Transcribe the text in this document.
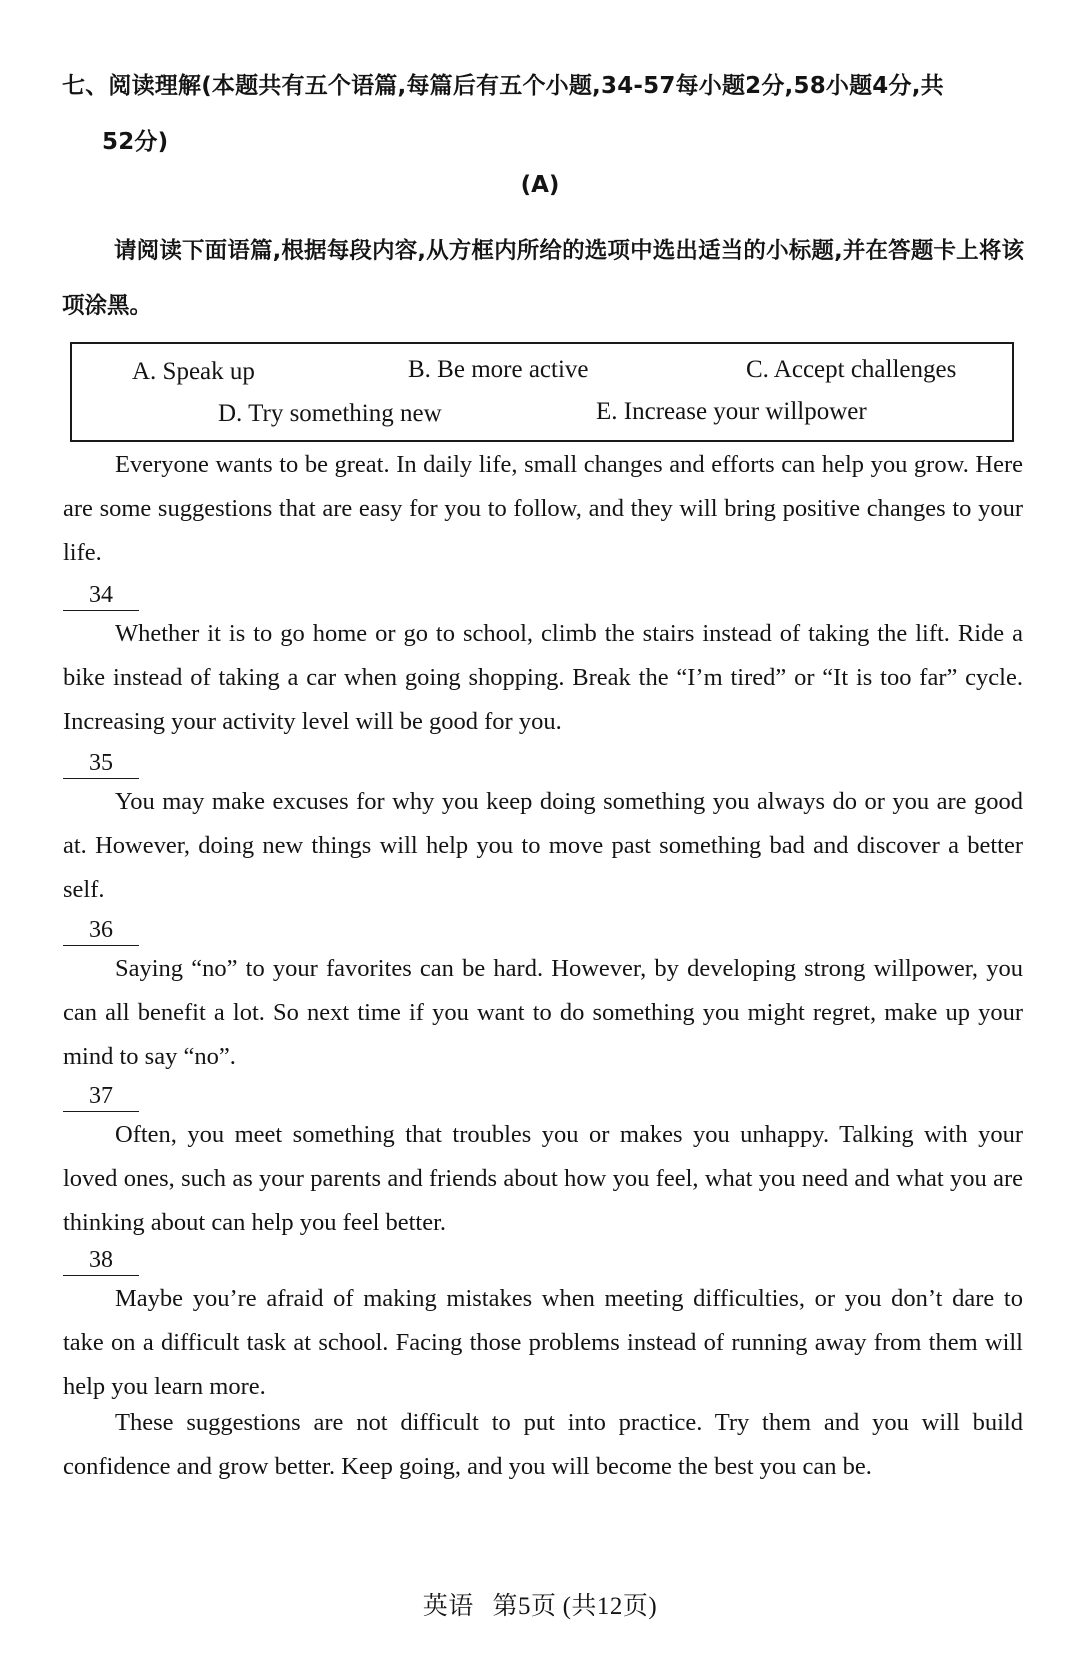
七、阅读理解(本题共有五个语篇,每篇后有五个小题,34-57每小题2分,58小题4分,共
52分)
(A)
请阅读下面语篇,根据每段内容,从方框内所给的选项中选出适当的小标题,并在答题卡上将该项涂黑。
A. Speak up	B. Be more active	C. Accept challenges
D. Try something new	E. Increase your willpower

Everyone wants to be great. In daily life, small changes and efforts can help you grow. Here are some suggestions that are easy for you to follow, and they will bring positive changes to your life.

34

Whether it is to go home or go to school, climb the stairs instead of taking the lift. Ride a bike instead of taking a car when going shopping. Break the “I’m tired” or “It is too far” cycle. Increasing your activity level will be good for you.

35

You may make excuses for why you keep doing something you always do or you are good at. However, doing new things will help you to move past something bad and discover a better self.

36

Saying “no” to your favorites can be hard. However, by developing strong willpower, you can all benefit a lot. So next time if you want to do something you might regret, make up your mind to say “no”.

37

Often, you meet something that troubles you or makes you unhappy. Talking with your loved ones, such as your parents and friends about how you feel, what you need and what you are thinking about can help you feel better.

38

Maybe you’re afraid of making mistakes when meeting difficulties, or you don’t dare to take on a difficult task at school. Facing those problems instead of running away from them will help you learn more.

These suggestions are not difficult to put into practice. Try them and you will build confidence and grow better. Keep going, and you will become the best you can be.

英语 第5页 (共12页)
